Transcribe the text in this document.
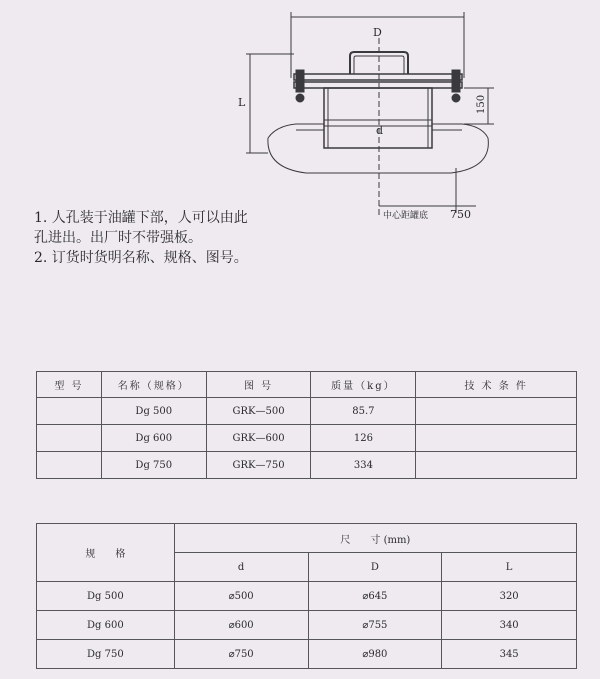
D
d
L	150
750
中心距罐底
1. 人孔装于油罐下部，人可以由此
孔进出。出厂时不带强板。
2. 订货时货明名称、规格、图号。
型 号	名称（规格）	图 号	质量（kg）	技 术 条 件
	Dg 500	GRK—500	85.7	
	Dg 600	GRK—600	126	
	Dg 750	GRK—750	334	
规　　格	尺　　寸 (mm)		
	d	D	L
Dg 500	⌀500	⌀645	320
Dg 600	⌀600	⌀755	340
Dg 750	⌀750	⌀980	345
